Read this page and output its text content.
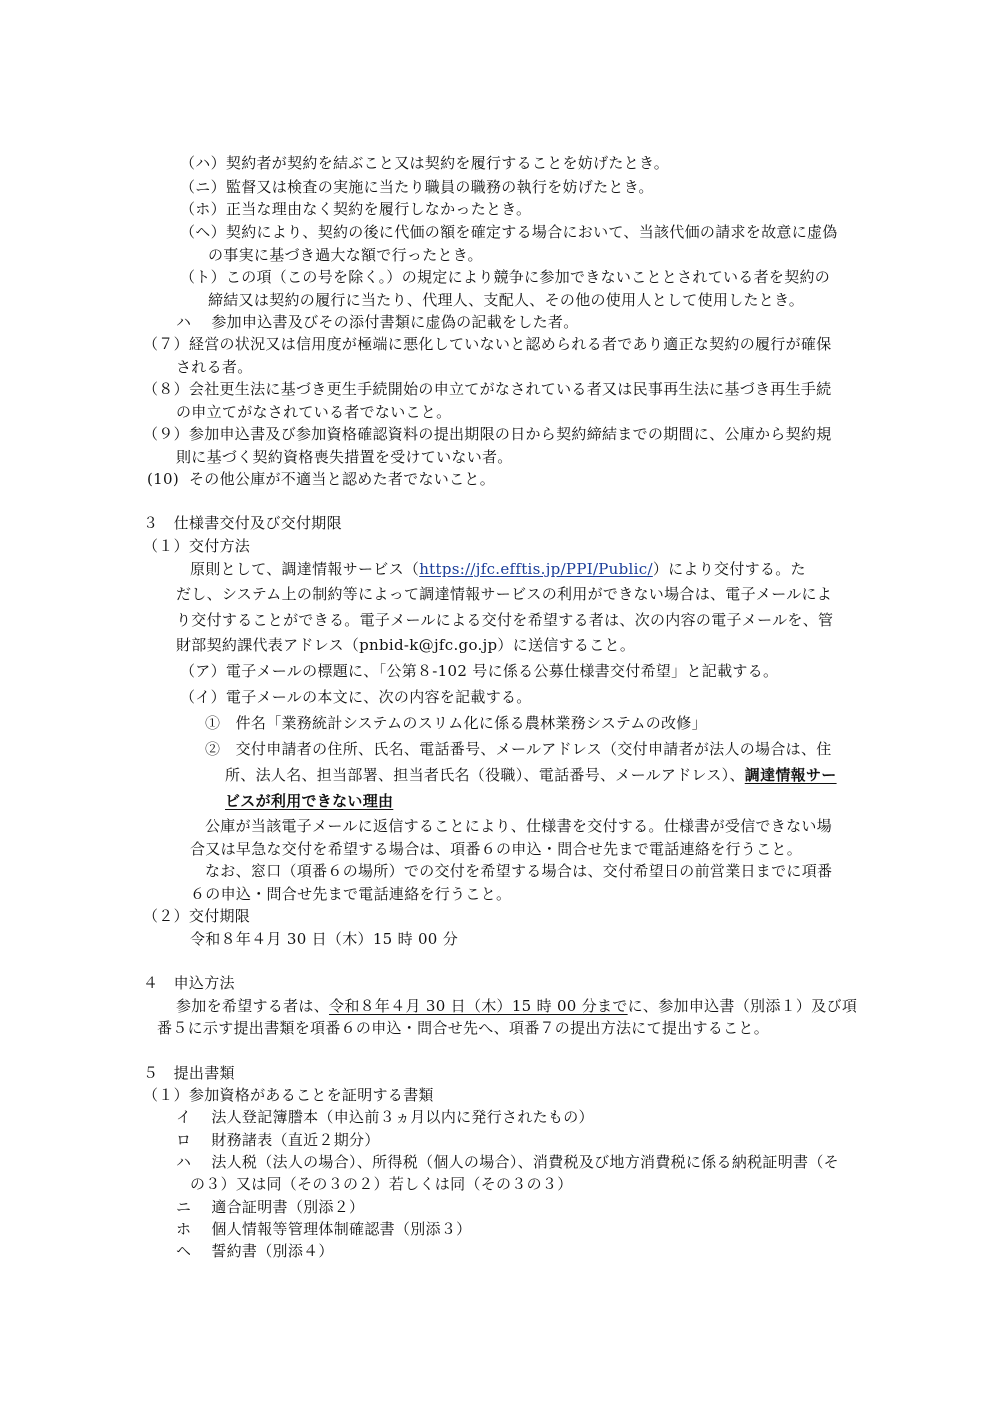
（ハ）契約者が契約を結ぶこと又は契約を履行することを妨げたとき。
（ニ）監督又は検査の実施に当たり職員の職務の執行を妨げたとき。
（ホ）正当な理由なく契約を履行しなかったとき。
（ヘ）契約により、契約の後に代価の額を確定する場合において、当該代価の請求を故意に虚偽
の事実に基づき過大な額で行ったとき。
（ト）この項（この号を除く。）の規定により競争に参加できないこととされている者を契約の
締結又は契約の履行に当たり、代理人、支配人、その他の使用人として使用したとき。
ハ 参加申込書及びその添付書類に虚偽の記載をした者。
（７）経営の状況又は信用度が極端に悪化していないと認められる者であり適正な契約の履行が確保
される者。
（８）会社更生法に基づき更生手続開始の申立てがなされている者又は民事再生法に基づき再生手続
の申立てがなされている者でないこと。
（９）参加申込書及び参加資格確認資料の提出期限の日から契約締結までの期間に、公庫から契約規
則に基づく契約資格喪失措置を受けていない者。
(10) その他公庫が不適当と認めた者でないこと。
３　仕様書交付及び交付期限
（１）交付方法
原則として、調達情報サービス（https://jfc.efftis.jp/PPI/Public/）により交付する。た
だし、システム上の制約等によって調達情報サービスの利用ができない場合は、電子メールによ
り交付することができる。電子メールによる交付を希望する者は、次の内容の電子メールを、管
財部契約課代表アドレス（pnbid-k@jfc.go.jp）に送信すること。
（ア）電子メールの標題に、「公第８-102 号に係る公募仕様書交付希望」と記載する。
（イ）電子メールの本文に、次の内容を記載する。
①　件名「業務統計システムのスリム化に係る農林業務システムの改修」
②　交付申請者の住所、氏名、電話番号、メールアドレス（交付申請者が法人の場合は、住
所、法人名、担当部署、担当者氏名（役職）、電話番号、メールアドレス）、調達情報サー
ビスが利用できない理由
公庫が当該電子メールに返信することにより、仕様書を交付する。仕様書が受信できない場
合又は早急な交付を希望する場合は、項番６の申込・問合せ先まで電話連絡を行うこと。
なお、窓口（項番６の場所）での交付を希望する場合は、交付希望日の前営業日までに項番
６の申込・問合せ先まで電話連絡を行うこと。
（２）交付期限
令和８年４月 30 日（木）15 時 00 分
４　申込方法
参加を希望する者は、令和８年４月 30 日（木）15 時 00 分までに、参加申込書（別添１）及び項
番５に示す提出書類を項番６の申込・問合せ先へ、項番７の提出方法にて提出すること。
５　提出書類
（１）参加資格があることを証明する書類
イ 法人登記簿謄本（申込前３ヵ月以内に発行されたもの）
ロ 財務諸表（直近２期分）
ハ 法人税（法人の場合）、所得税（個人の場合）、消費税及び地方消費税に係る納税証明書（そ
の３）又は同（その３の２）若しくは同（その３の３）
ニ 適合証明書（別添２）
ホ 個人情報等管理体制確認書（別添３）
ヘ 誓約書（別添４）
